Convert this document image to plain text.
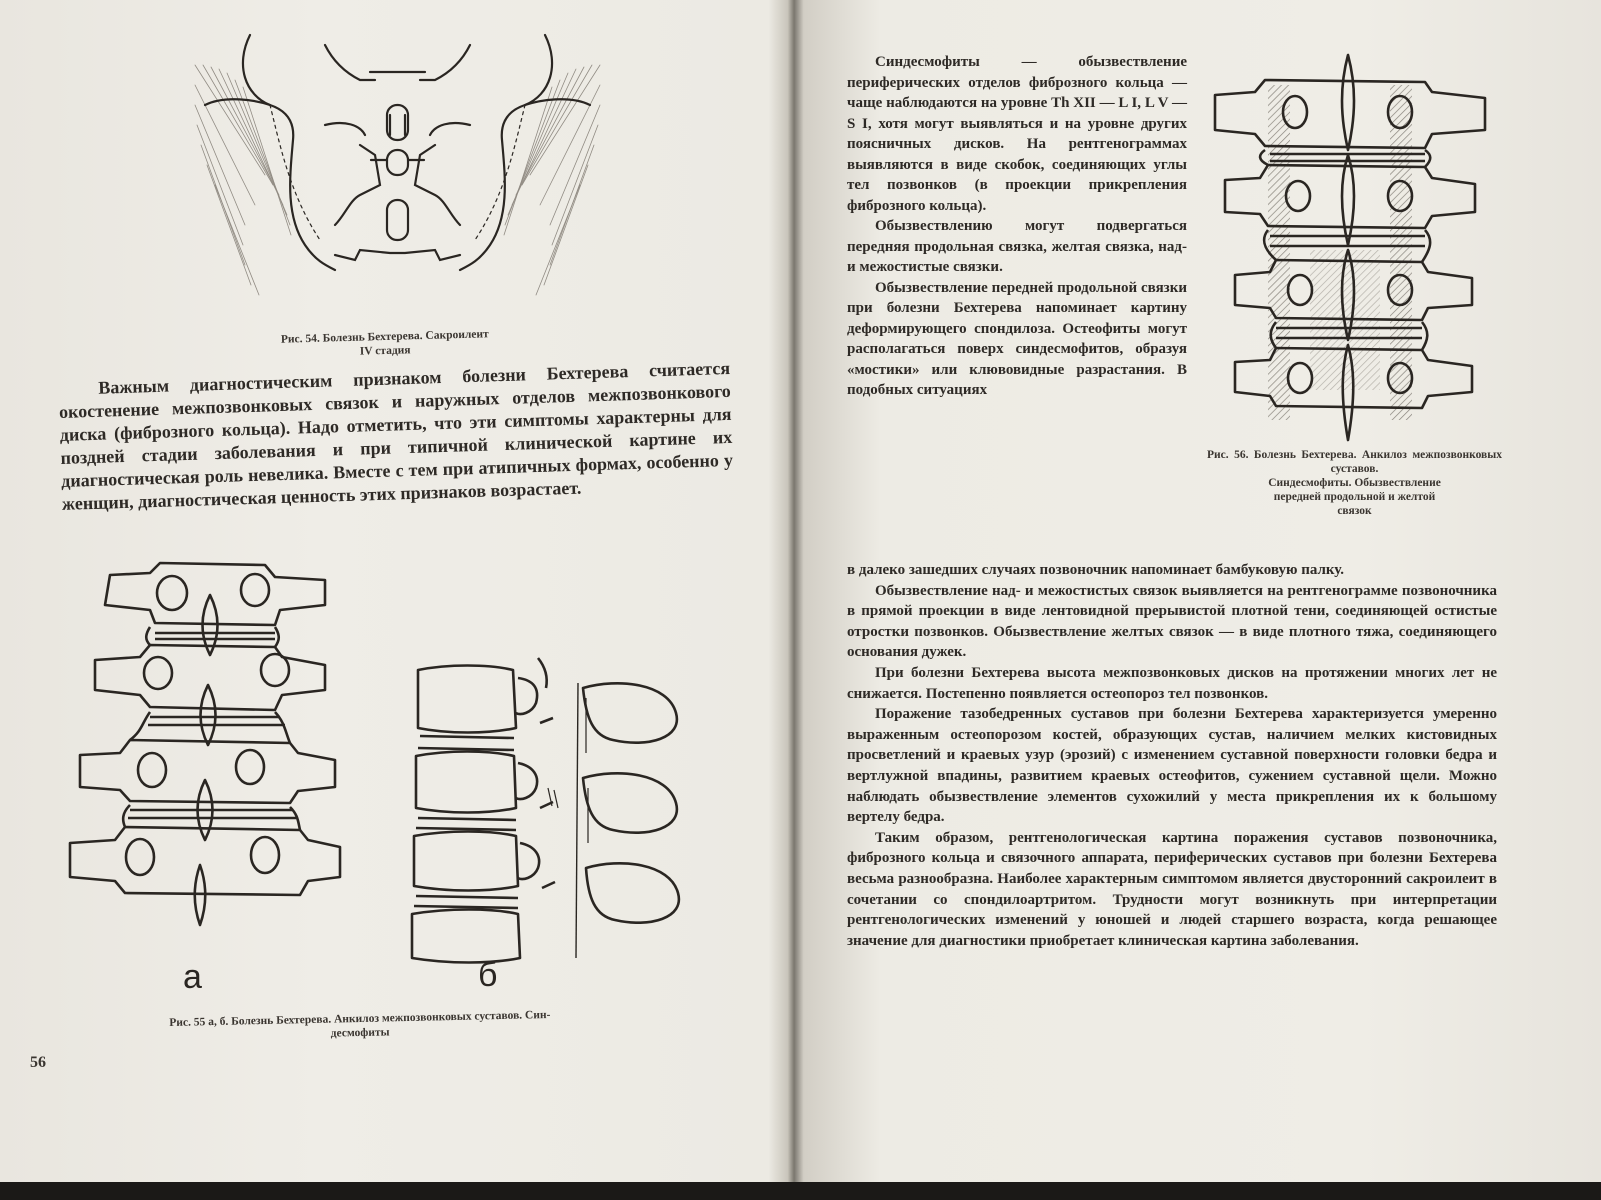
Рис. 54. Болезнь Бехтерева. Сакроилеит
IV стадия

Важным диагностическим признаком болезни Бехтерева считается окостенение межпозвонковых связок и наружных отделов межпозвонкового диска (фиброзного кольца). Надо отметить, что эти симптомы характерны для поздней стадии заболевания и при типичной клинической картине их диагностическая роль невелика. Вместе с тем при атипичных формах, особенно у женщин, диагностическая ценность этих признаков возрастает.

а	б
Рис. 55 а, б. Болезнь Бехтерева. Анкилоз межпозвонковых суставов. Син-
десмофиты
56

Синдесмофиты — обызвествление периферических отделов фиброзного кольца — чаще наблюдаются на уровне Th XII — L I, L V — S I, хотя могут выявляться и на уровне других поясничных дисков. На рентгенограммах выявляются в виде скобок, соединяющих углы тел позвонков (в проекции прикрепления фиброзного кольца).

Обызвествлению могут подвергаться передняя продольная связка, желтая связка, над- и межостистые связки.

Обызвествление передней продольной связки при болезни Бехтерева напоминает картину деформирующего спондилоза. Остеофиты могут располагаться поверх синдесмофитов, образуя «мостики» или клювовидные разрастания. В подобных ситуациях

Рис. 56. Болезнь Бехтерева. Анкилоз межпозвонковых суставов.
Синдесмофиты. Обызвествление
передней продольной и желтой
связок

в далеко зашедших случаях позвоночник напоминает бамбуковую палку.

Обызвествление над- и межостистых связок выявляется на рентгенограмме позвоночника в прямой проекции в виде лентовидной прерывистой плотной тени, соединяющей остистые отростки позвонков. Обызвествление желтых связок — в виде плотного тяжа, соединяющего основания дужек.

При болезни Бехтерева высота межпозвонковых дисков на протяжении многих лет не снижается. Постепенно появляется остеопороз тел позвонков.

Поражение тазобедренных суставов при болезни Бехтерева характеризуется умеренно выраженным остеопорозом костей, образующих сустав, наличием мелких кистовидных просветлений и краевых узур (эрозий) с изменением суставной поверхности головки бедра и вертлужной впадины, развитием краевых остеофитов, сужением суставной щели. Можно наблюдать обызвествление элементов сухожилий у места прикрепления их к большому вертелу бедра.

Таким образом, рентгенологическая картина поражения суставов позвоночника, фиброзного кольца и связочного аппарата, периферических суставов при болезни Бехтерева весьма разнообразна. Наиболее характерным симптомом является двусторонний сакроилеит в сочетании со спондилоартритом. Трудности могут возникнуть при интерпретации рентгенологических изменений у юношей и людей старшего возраста, когда решающее значение для диагностики приобретает клиническая картина заболевания.
